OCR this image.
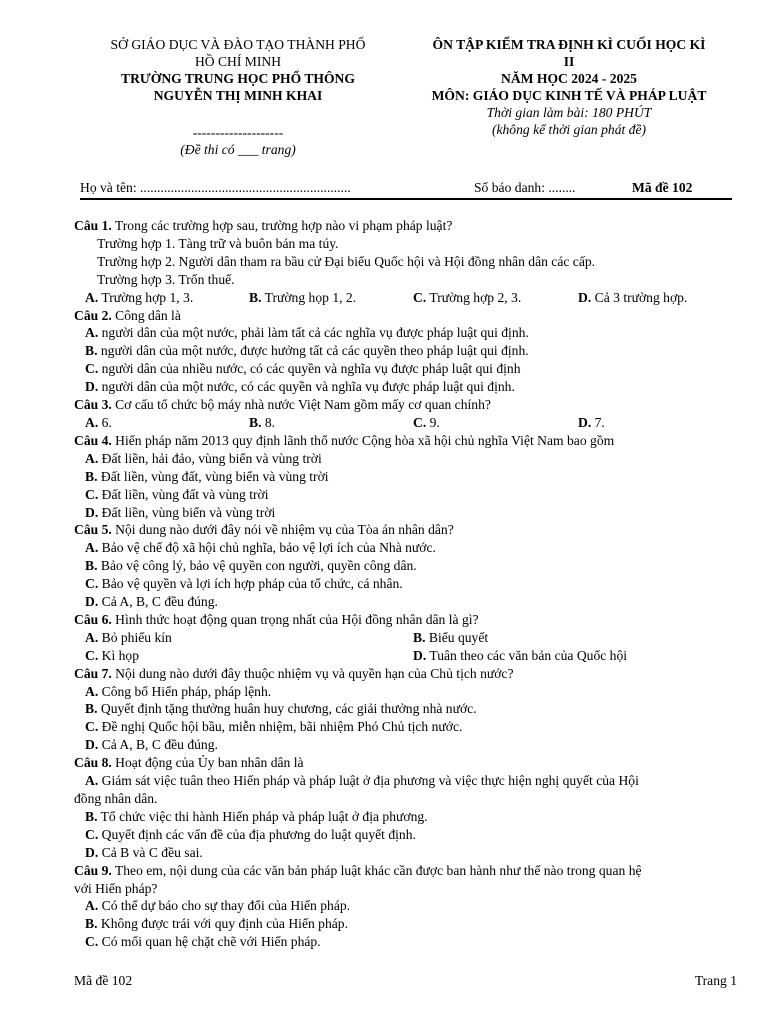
SỞ GIÁO DỤC VÀ ĐÀO TẠO THÀNH PHỐ
HỒ CHÍ MINH
TRƯỜNG TRUNG HỌC PHỔ THÔNG
NGUYỄN THỊ MINH KHAI
--------------------
(Đề thi có ___ trang)
ÔN TẬP KIỂM TRA ĐỊNH KÌ CUỐI HỌC KÌ
II
NĂM HỌC 2024 - 2025
MÔN: GIÁO DỤC KINH TẾ VÀ PHÁP LUẬT
Thời gian làm bài: 180 PHÚT
(không kể thời gian phát đề)
Họ và tên: ..............................................................	Số báo danh: ........	Mã đề 102
Câu 1. Trong các trường hợp sau, trường hợp nào vi phạm pháp luật?
Trường hợp 1. Tàng trữ và buôn bán ma túy.
Trường hợp 2. Người dân tham ra bầu cử Đại biểu Quốc hội và Hội đồng nhân dân các cấp.
Trường hợp 3. Trốn thuế.
A. Trường hợp 1, 3.	B. Trường họp 1, 2.	C. Trường hợp 2, 3.	D. Cả 3 trường hợp.
Câu 2. Công dân là
A. người dân của một nước, phải làm tất cả các nghĩa vụ được pháp luật qui định.
B. người dân của một nước, được hưởng tất cả các quyền theo pháp luật qui định.
C. người dân của nhiều nước, có các quyền và nghĩa vụ được pháp luật qui định
D. người dân của một nước, có các quyền và nghĩa vụ được pháp luật qui định.
Câu 3. Cơ cấu tổ chức bộ máy nhà nước Việt Nam gồm mấy cơ quan chính?
A. 6.	B. 8.	C. 9.	D. 7.
Câu 4. Hiến pháp năm 2013 quy định lãnh thổ nước Cộng hòa xã hội chủ nghĩa Việt Nam bao gồm
A. Đất liền, hải đảo, vùng biển và vùng trời
B. Đất liền, vùng đất, vùng biển và vùng trời
C. Đất liền, vùng đất và vùng trời
D. Đất liền, vùng biển và vùng trời
Câu 5. Nội dung nào dưới đây nói về nhiệm vụ của Tòa án nhân dân?
A. Bảo vệ chế độ xã hội chủ nghĩa, bảo vệ lợi ích của Nhà nước.
B. Bảo vệ công lý, bảo vệ quyền con người, quyền công dân.
C. Bảo vệ quyền và lợi ích hợp pháp của tổ chức, cá nhân.
D. Cả A, B, C đều đúng.
Câu 6. Hình thức hoạt động quan trọng nhất của Hội đồng nhân dân là gì?
A. Bỏ phiếu kín	B. Biểu quyết
C. Kì họp	D. Tuân theo các văn bản của Quốc hội
Câu 7. Nội dung nào dưới đây thuộc nhiệm vụ và quyền hạn của Chủ tịch nước?
A. Công bố Hiến pháp, pháp lệnh.
B. Quyết định tặng thưởng huân huy chương, các giải thưởng nhà nước.
C. Đề nghị Quốc hội bầu, miễn nhiệm, bãi nhiệm Phó Chủ tịch nước.
D. Cả A, B, C đều đúng.
Câu 8. Hoạt động của Ủy ban nhân dân là
A. Giám sát việc tuân theo Hiến pháp và pháp luật ở địa phương và việc thực hiện nghị quyết của Hội
đồng nhân dân.
B. Tổ chức việc thi hành Hiến pháp và pháp luật ở địa phương.
C. Quyết định các vấn đề của địa phương do luật quyết định.
D. Cả B và C đều sai.
Câu 9. Theo em, nội dung của các văn bản pháp luật khác cần được ban hành như thế nào trong quan hệ
với Hiến pháp?
A. Có thể dự báo cho sự thay đổi của Hiến pháp.
B. Không được trái với quy định của Hiến pháp.
C. Có mối quan hệ chặt chẽ với Hiến pháp.
Mã đề 102	Trang 1
